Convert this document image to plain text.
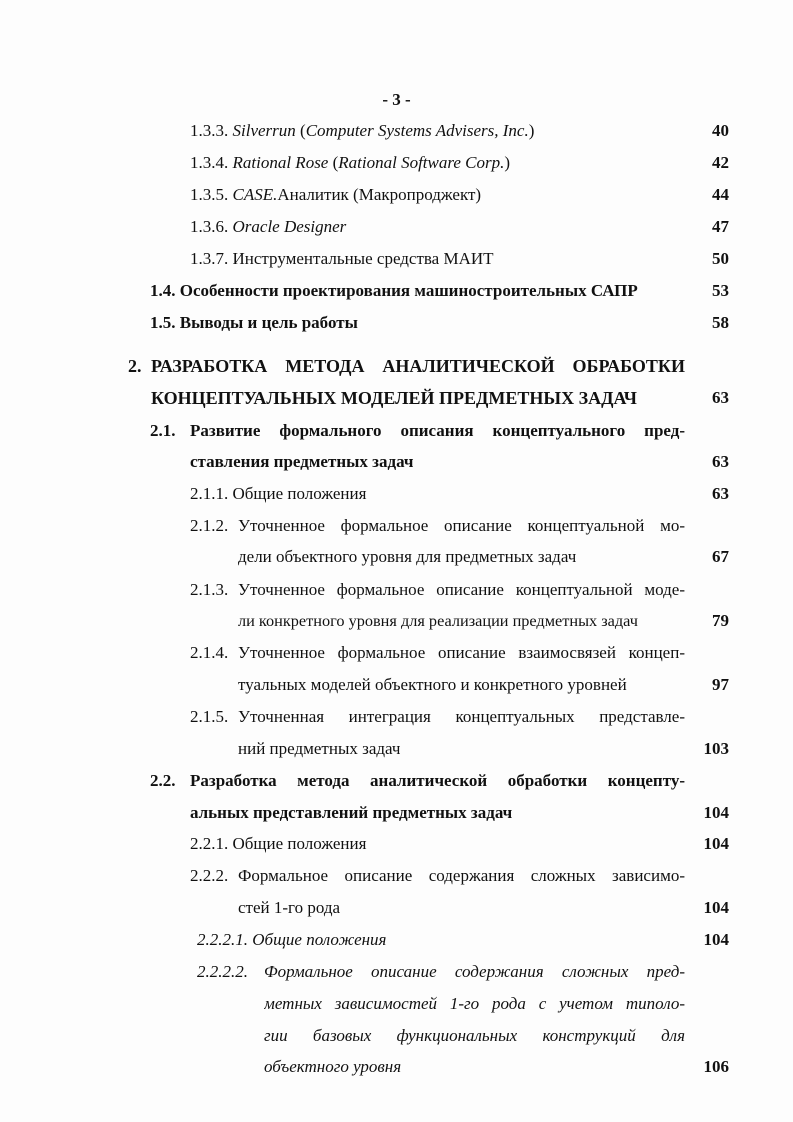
- 3 -
1.3.3. Silverrun (Computer Systems Advisers, Inc.)	40
1.3.4. Rational Rose (Rational Software Corp.)	42
1.3.5. CASE.Аналитик (Макропроджект)	44
1.3.6. Oracle Designer	47
1.3.7. Инструментальные средства МАИТ	50
1.4. Особенности проектирования машиностроительных САПР	53
1.5. Выводы и цель работы	58
2. РАЗРАБОТКА МЕТОДА АНАЛИТИЧЕСКОЙ ОБРАБОТКИ
КОНЦЕПТУАЛЬНЫХ МОДЕЛЕЙ ПРЕДМЕТНЫХ ЗАДАЧ	63
2.1. Развитие формального описания концептуального пред-
ставления предметных задач	63
2.1.1. Общие положения	63
2.1.2. Уточненное формальное описание концептуальной мо-
дели объектного уровня для предметных задач	67
2.1.3. Уточненное формальное описание концептуальной моде-
ли конкретного уровня для реализации предметных задач	79
2.1.4. Уточненное формальное описание взаимосвязей концеп-
туальных моделей объектного и конкретного уровней	97
2.1.5. Уточненная интеграция концептуальных представле-
ний предметных задач	103
2.2. Разработка метода аналитической обработки концепту-
альных представлений предметных задач	104
2.2.1. Общие положения	104
2.2.2. Формальное описание содержания сложных зависимо-
стей 1-го рода	104
2.2.2.1. Общие положения	104
2.2.2.2. Формальное описание содержания сложных пред-
метных зависимостей 1-го рода с учетом типоло-
гии базовых функциональных конструкций для
объектного уровня	106
